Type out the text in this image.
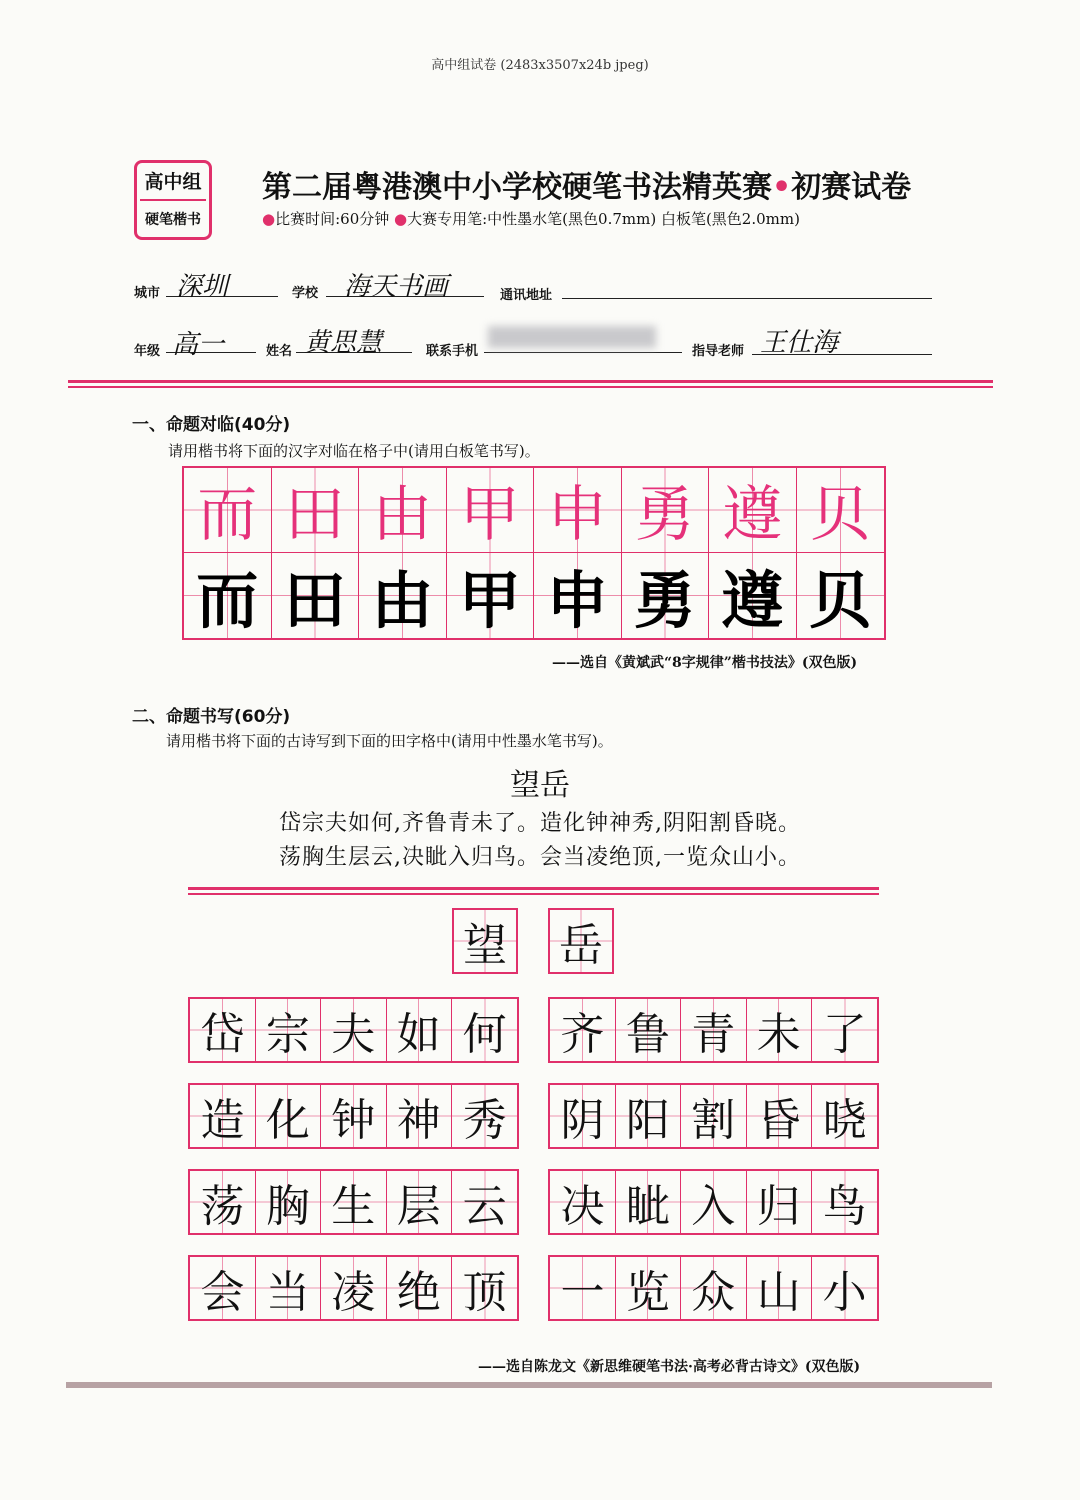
高中组试卷 (2483x3507x24b jpeg)
高中组
硬笔楷书
第二届粤港澳中小学校硬笔书法精英赛•初赛试卷
●比赛时间:60分钟 ●大赛专用笔:中性墨水笔(黑色0.7mm) 白板笔(黑色2.0mm)
城市 深圳	学校 海天书画	通讯地址
年级 高一	姓名 黄思慧	联系手机	指导老师 王仕海
一、命题对临(40分)
请用楷书将下面的汉字对临在格子中(请用白板笔书写)。
而 田 由 甲 申 勇 遵 贝
而 田 由 甲 申 勇 遵 贝
——选自《黄斌武“8字规律”楷书技法》(双色版)
二、命题书写(60分)
请用楷书将下面的古诗写到下面的田字格中(请用中性墨水笔书写)。
望岳
岱宗夫如何,齐鲁青未了。造化钟神秀,阴阳割昏晓。
荡胸生层云,决眦入归鸟。会当凌绝顶,一览众山小。
望 岳
岱 宗 夫 如 何 齐 鲁 青 未 了
造 化 钟 神 秀 阴 阳 割 昏 晓
荡 胸 生 层 云 决 眦 入 归 鸟
会 当 凌 绝 顶 一 览 众 山 小
——选自陈龙文《新思维硬笔书法·高考必背古诗文》(双色版)
